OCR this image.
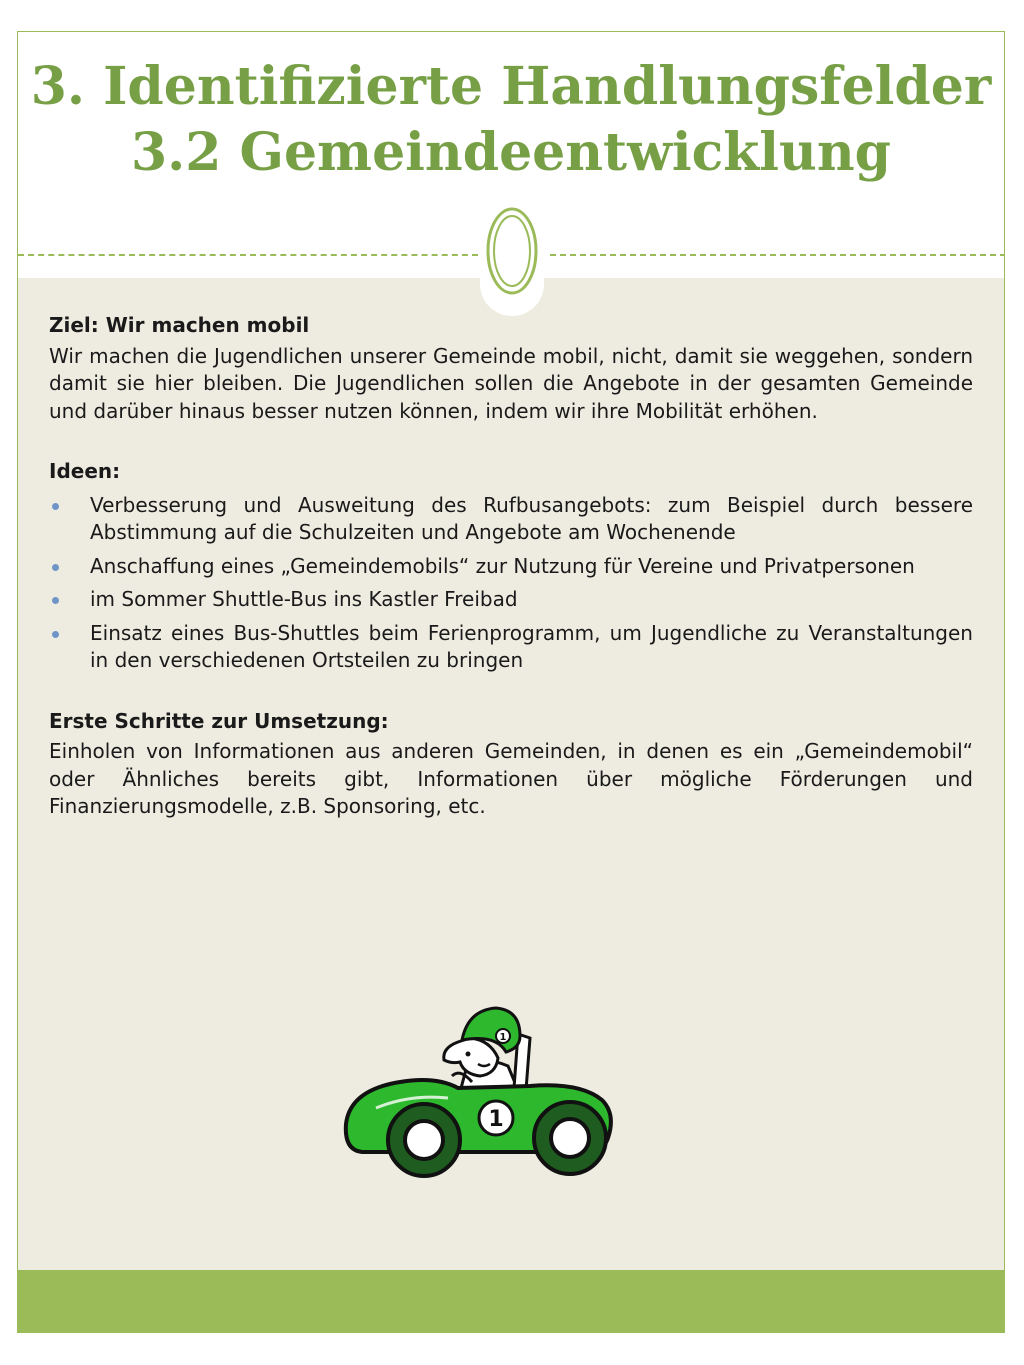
3. Identifizierte Handlungsfelder
3.2 Gemeindeentwicklung

Ziel: Wir machen mobil

Wir machen die Jugendlichen unserer Gemeinde mobil, nicht, damit sie weggehen, sondern damit sie hier bleiben. Die Jugendlichen sollen die Angebote in der gesamten Gemeinde und darüber hinaus besser nutzen können, indem wir ihre Mobilität erhöhen.

Ideen:

Verbesserung und Ausweitung des Rufbusangebots: zum Beispiel durch bessere Abstimmung auf die Schulzeiten und Angebote am Wochenende
Anschaffung eines „Gemeindemobils“ zur Nutzung für Vereine und Privatpersonen
im Sommer Shuttle-Bus ins Kastler Freibad
Einsatz eines Bus-Shuttles beim Ferienprogramm, um Jugendliche zu Veranstaltungen in den verschiedenen Ortsteilen zu bringen

Erste Schritte zur Umsetzung:

Einholen von Informationen aus anderen Gemeinden, in denen es ein „Gemeindemobil“ oder Ähnliches bereits gibt, Informationen über mögliche Förderungen und Finanzierungsmodelle, z.B. Sponsoring, etc.

1
1
